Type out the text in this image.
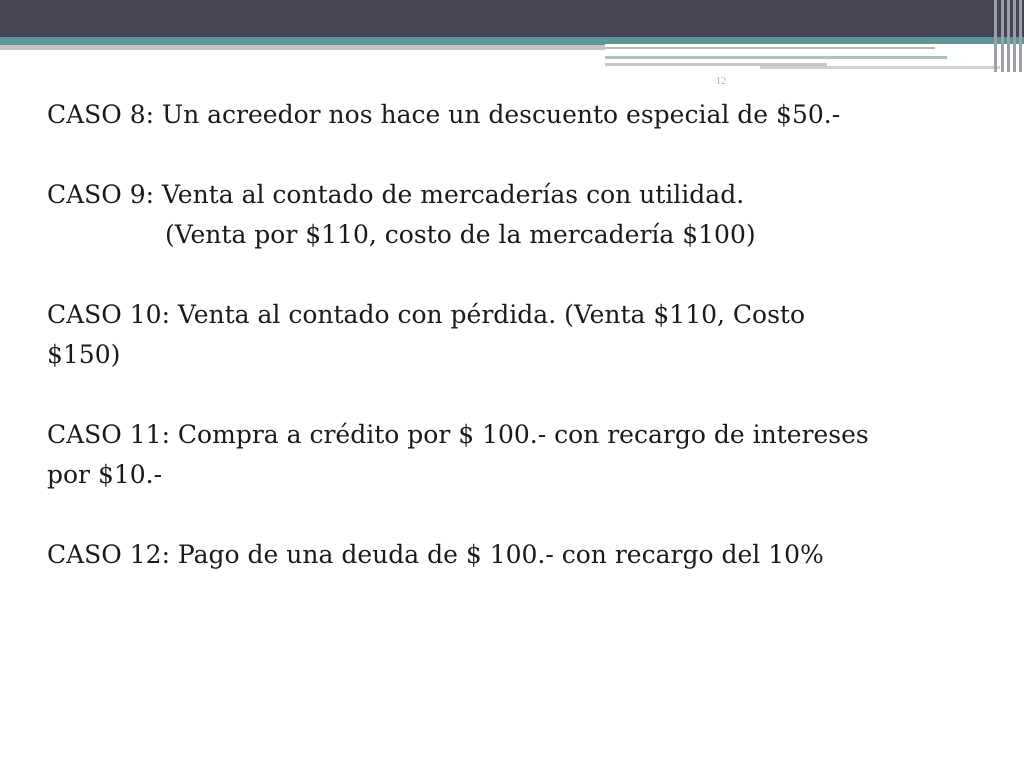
12

CASO 8: Un acreedor nos hace un descuento especial de $50.-

CASO 9: Venta al contado de mercaderías con utilidad.

(Venta por $110, costo de la mercadería $100)

CASO 10: Venta al contado con pérdida. (Venta $110, Costo

$150)

CASO 11: Compra a crédito por $ 100.- con recargo de intereses

por $10.-

CASO 12: Pago de una deuda de $ 100.- con recargo del 10%
